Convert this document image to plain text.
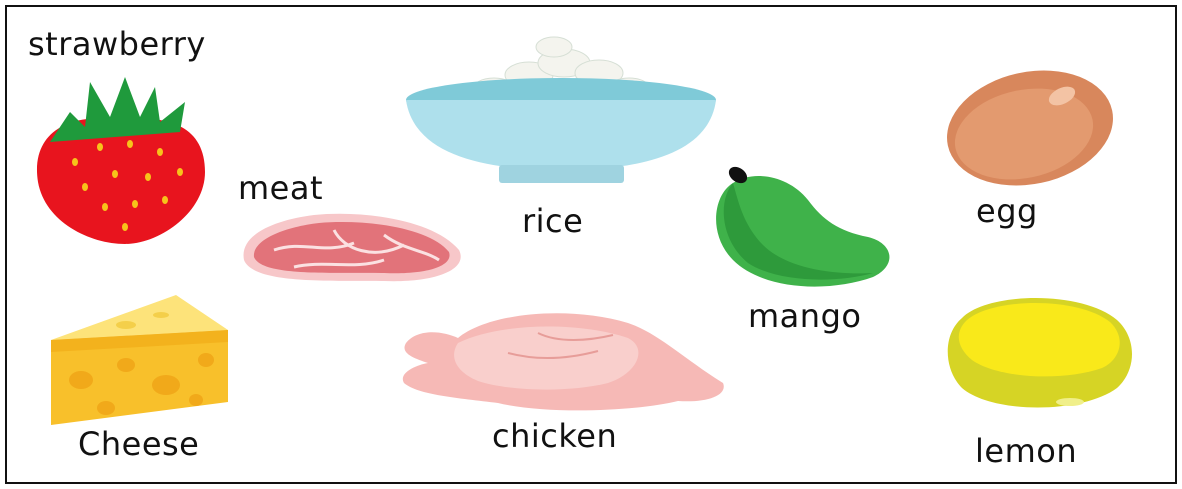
strawberry

meat

rice

mango

egg

Cheese	chicken	lemon
